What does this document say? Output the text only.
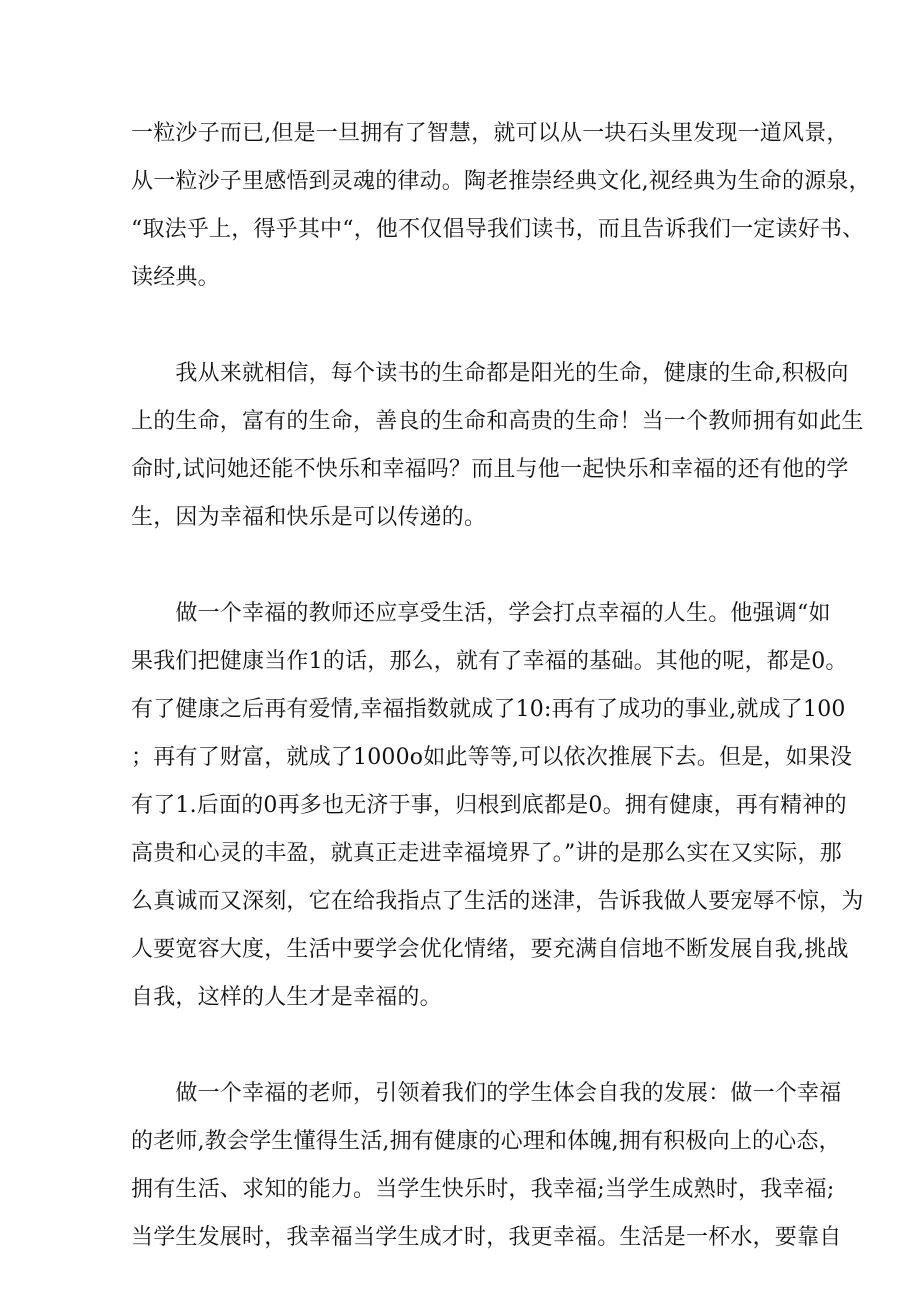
一粒沙子而已,但是一旦拥有了智慧，就可以从一块石头里发现一道风景，
从一粒沙子里感悟到灵魂的律动。陶老推崇经典文化,视经典为生命的源泉，
“取法乎上，得乎其中“，他不仅倡导我们读书，而且告诉我们一定读好书、
读经典。
　　我从来就相信，每个读书的生命都是阳光的生命，健康的生命,积极向
上的生命，富有的生命，善良的生命和高贵的生命！当一个教师拥有如此生
命时,试问她还能不快乐和幸福吗？而且与他一起快乐和幸福的还有他的学
生，因为幸福和快乐是可以传递的。
　　做一个幸福的教师还应享受生活，学会打点幸福的人生。他强调“如
果我们把健康当作1的话，那么，就有了幸福的基础。其他的呢，都是0。
有了健康之后再有爱情,幸福指数就成了10:再有了成功的事业,就成了100
；再有了财富，就成了1000o如此等等,可以依次推展下去。但是，如果没
有了1.后面的0再多也无济于事，归根到底都是0。拥有健康，再有精神的
高贵和心灵的丰盈，就真正走进幸福境界了。”讲的是那么实在又实际，那
么真诚而又深刻，它在给我指点了生活的迷津，告诉我做人要宠辱不惊，为
人要宽容大度，生活中要学会优化情绪，要充满自信地不断发展自我,挑战
自我，这样的人生才是幸福的。
　　做一个幸福的老师，引领着我们的学生体会自我的发展：做一个幸福
的老师,教会学生懂得生活,拥有健康的心理和体魄,拥有积极向上的心态，
拥有生活、求知的能力。当学生快乐时，我幸福;当学生成熟时，我幸福;
当学生发展时，我幸福当学生成才时，我更幸福。生活是一杯水，要靠自
